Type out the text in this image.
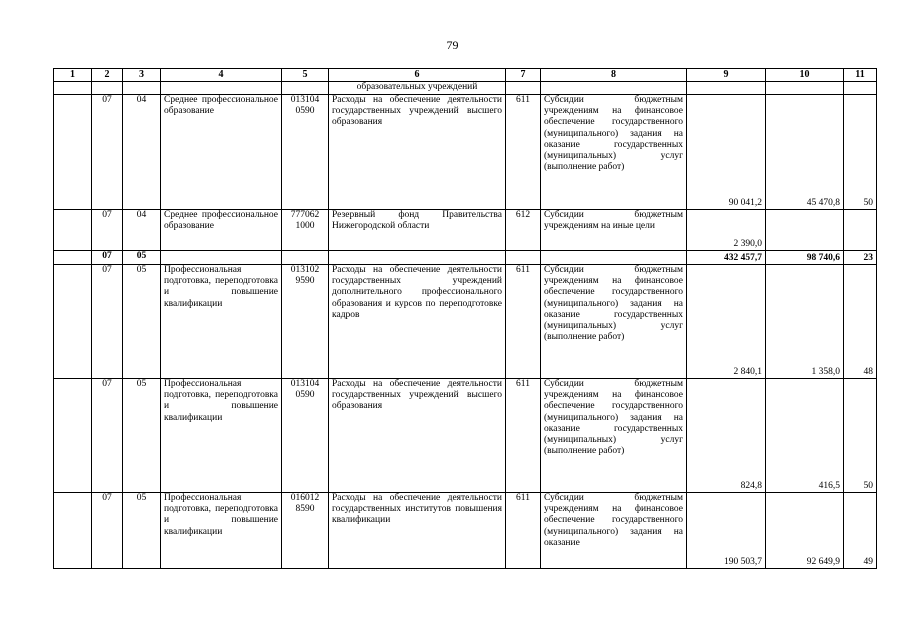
79
1	2	3	4	5	6	7	8	9	10	11
					образовательных учреждений					
	07	04	Среднее профессиональное образование	013104 0590	Расходы на обеспечение деятельности государственных учреждений высшего образования	611	Субсидии бюджетным учреждениям на финансовое обеспечение государственного (муниципального) задания на оказание государственных (муниципальных) услуг (выполнение работ)	90 041,2	45 470,8	50
	07	04	Среднее профессиональное образование	777062 1000	Резервный фонд Правительства Нижегородской области	612	Субсидии бюджетным учреждениям на иные цели	2 390,0		
	07	05						432 457,7	98 740,6	23
	07	05	Профессиональная подготовка, переподготовка и повышение квалификации	013102 9590	Расходы на обеспечение деятельности государственных учреждений дополнительного профессионального образования и курсов по переподготовке кадров	611	Субсидии бюджетным учреждениям на финансовое обеспечение государственного (муниципального) задания на оказание государственных (муниципальных) услуг (выполнение работ)	2 840,1	1 358,0	48
	07	05	Профессиональная подготовка, переподготовка и повышение квалификации	013104 0590	Расходы на обеспечение деятельности государственных учреждений высшего образования	611	Субсидии бюджетным учреждениям на финансовое обеспечение государственного (муниципального) задания на оказание государственных (муниципальных) услуг (выполнение работ)	824,8	416,5	50
	07	05	Профессиональная подготовка, переподготовка и повышение квалификации	016012 8590	Расходы на обеспечение деятельности государственных институтов повышения квалификации	611	Субсидии бюджетным учреждениям на финансовое обеспечение государственного (муниципального) задания на оказание	190 503,7	92 649,9	49
